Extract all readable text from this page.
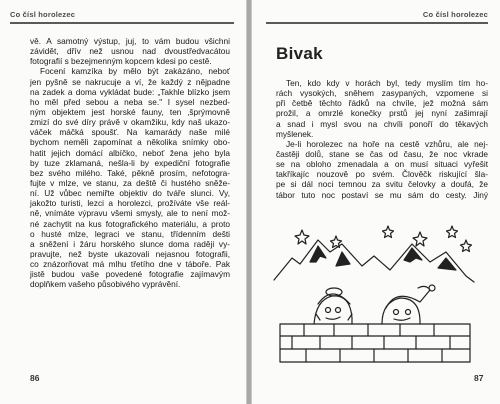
Co čísl horolezec
vě. A samotný výstup, juj, to vám budou všichni
závidět, dřív než usnou nad dvoustředvacátou
fotografií s bezejmenným kopcem kdesi po cestě.
Focení kamzíka by mělo být zakázáno, neboť
jen pyšně se nakrucuje a ví, že každý z nějpadne
na zadek a doma vykládat bude: „Takhle blízko jsem
ho měl před sebou a neba se." I sysel nezbed-
ným objektem jest horské fauny, ten ‚šprýmovně
zmizí do své díry právě v okamžiku, kdy naš ukazo-
váček máčká spoušť. Na kamarády naše milé
bychom neměli zapomínat a několika snímky obo-
hatit jejich domácí albíčko, neboť žena jeho byla
by tuze zklamaná, nešla-li by expediční fotografie
bez svého milého. Také, pěkně prosím, nefotogra-
fujte v mlze, ve stanu, za deště či hustého sněže-
ní. Už vůbec nemiřte objektiv do tváře slunci. Vy,
jakožto turisti, lezci a horolezci, prožíváte vše reál-
ně, vnímáte výpravu všemi smysly, ale to není mož-
né zachytit na kus fotografického materiálu, a proto
o husté mlze, legraci ve stanu, třídenním dešti
a sněžení i žáru horského slunce doma raději vy-
pravujte, než byste ukazovali nejasnou fotografii,
co znázorňovat má mlhu třetího dne v táboře. Pak
jistě budou vaše povedené fotografie zajímavým
doplňkem vašeho působivého vyprávění.
86
Co čísl horolezec
Bivak
Ten, kdo kdy v horách byl, tedy myslím tím ho-
rách vysokých, sněhem zasypaných, vzpomene si
při četbě těchto řádků na chvíle, jež možná sám
prožil, a omrzlé konečky prstů jej nyní zašimrají
a snad i mysl svou na chvíli ponoří do těkavých
myšlenek.
Je-li horolezec na hoře na cestě vzhůru, ale nej-
častěji dolů, stane se čas od času, že noc vkrade
se na obloho zmenadala a on musí situaci vyřešit
takříkajíc nouzově po svém. Člověčk riskující šla-
pe si dál noci temnou za svitu čelovky a doufá, že
tábor tuto noc postaví se mu sám do cesty. Jiný
87
